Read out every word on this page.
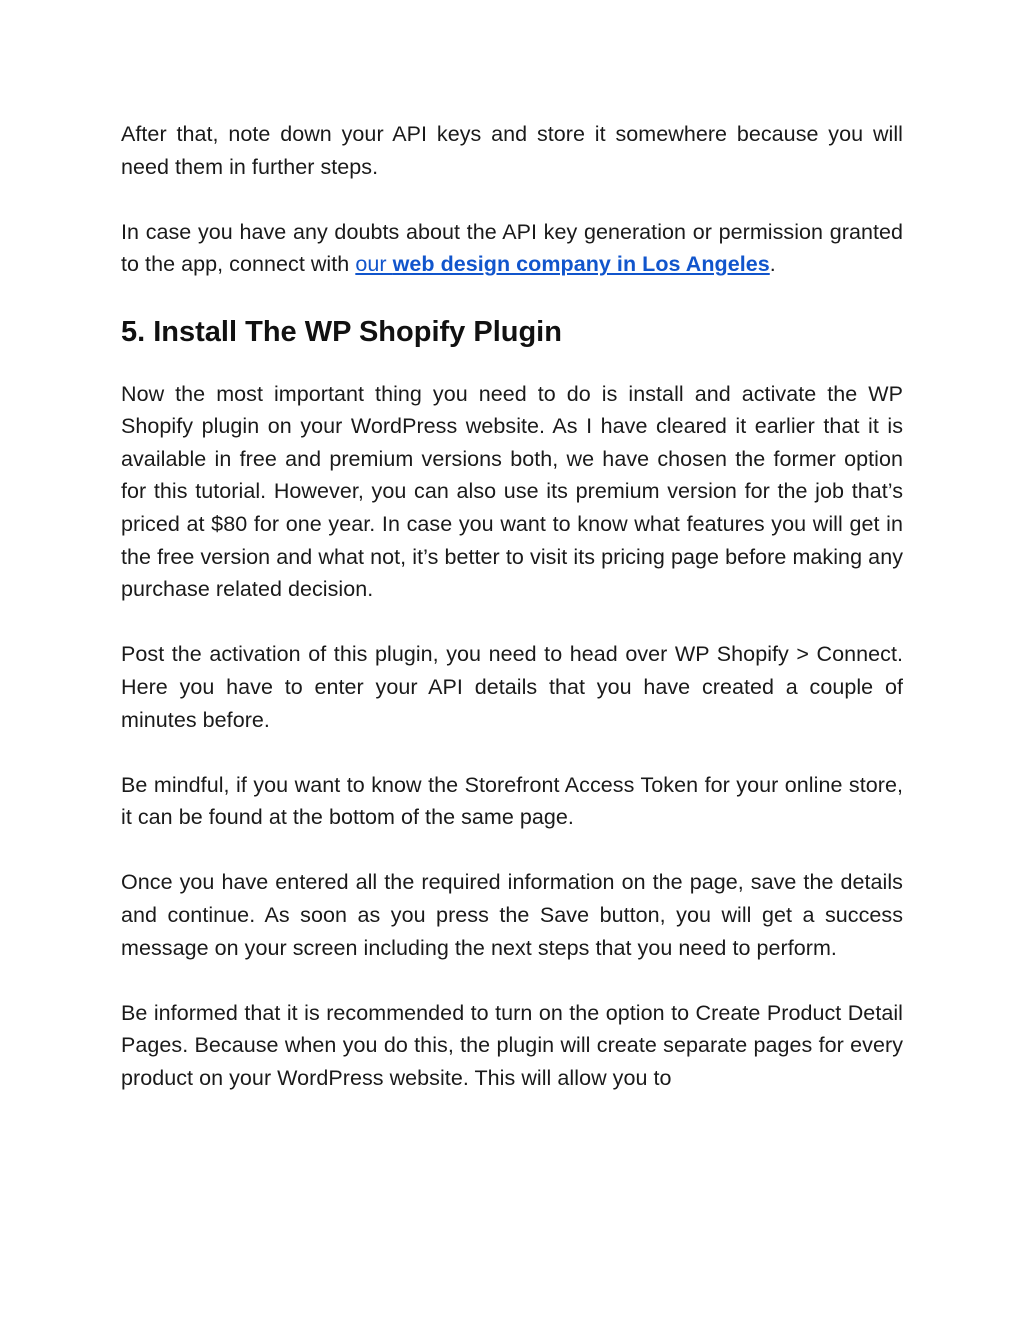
After that, note down your API keys and store it somewhere because you will need them in further steps.

In case you have any doubts about the API key generation or permission granted to the app, connect with our web design company in Los Angeles.

5. Install The WP Shopify Plugin

Now the most important thing you need to do is install and activate the WP Shopify plugin on your WordPress website. As I have cleared it earlier that it is available in free and premium versions both, we have chosen the former option for this tutorial. However, you can also use its premium version for the job that’s priced at $80 for one year. In case you want to know what features you will get in the free version and what not, it’s better to visit its pricing page before making any purchase related decision.

Post the activation of this plugin, you need to head over WP Shopify > Connect. Here you have to enter your API details that you have created a couple of minutes before.

Be mindful, if you want to know the Storefront Access Token for your online store, it can be found at the bottom of the same page.

Once you have entered all the required information on the page, save the details and continue. As soon as you press the Save button, you will get a success message on your screen including the next steps that you need to perform.

Be informed that it is recommended to turn on the option to Create Product Detail Pages. Because when you do this, the plugin will create separate pages for every product on your WordPress website. This will allow you to
